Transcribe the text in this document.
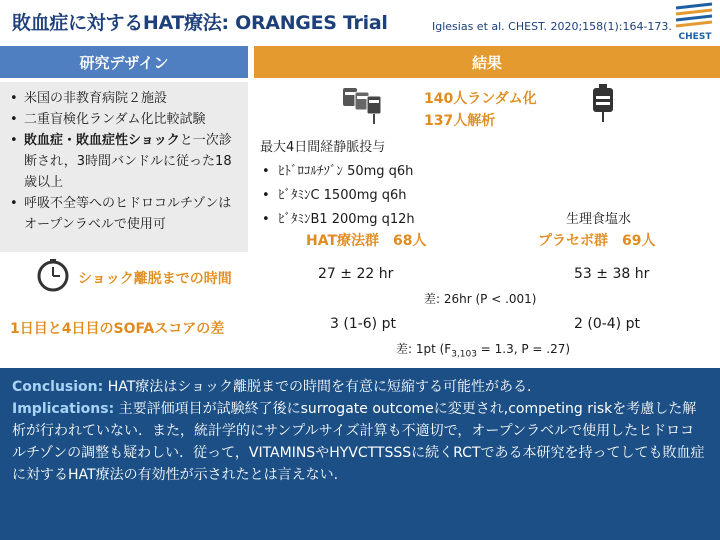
敗血症に対するHAT療法: ORANGES Trial	Iglesias et al. CHEST. 2020;158(1):164-173.
CHEST
研究デザイン	結果
• 米国の非教育病院２施設
• 二重盲検化ランダム化比較試験
• 敗血症・敗血症性ショックと一次診断され，3時間バンドルに従った18歳以上
• 呼吸不全等へのヒドロコルチゾンはオープンラベルで使用可
140人ランダム化
137人解析
最大4日間経静脈投与
•  ﾋﾄﾞﾛｺﾙﾁｿﾞﾝ 50mg q6h
•  ﾋﾞﾀﾐﾝC 1500mg q6h
•  ﾋﾞﾀﾐﾝB1 200mg q12h	生理食塩水
HAT療法群　68人	プラセボ群　69人
ショック離脱までの時間	27 ± 22 hr	53 ± 38 hr
差: 26hr (P < .001)
1日目と4日目のSOFAスコアの差	3 (1-6) pt	2 (0-4) pt
差: 1pt ($F_{3,103} = 1.3$, P = .27)
Conclusion: HAT療法はショック離脱までの時間を有意に短縮する可能性がある.
Implications: 主要評価項目が試験終了後にsurrogate outcomeに変更され,competing riskを考慮した解析が行われていない．また，統計学的にサンプルサイズ計算も不適切で，オープンラベルで使用したヒドロコルチゾンの調整も疑わしい．従って，VITAMINSやHYVCTTSSSに続くRCTである本研究を持ってしても敗血症に対するHAT療法の有効性が示されたとは言えない.
